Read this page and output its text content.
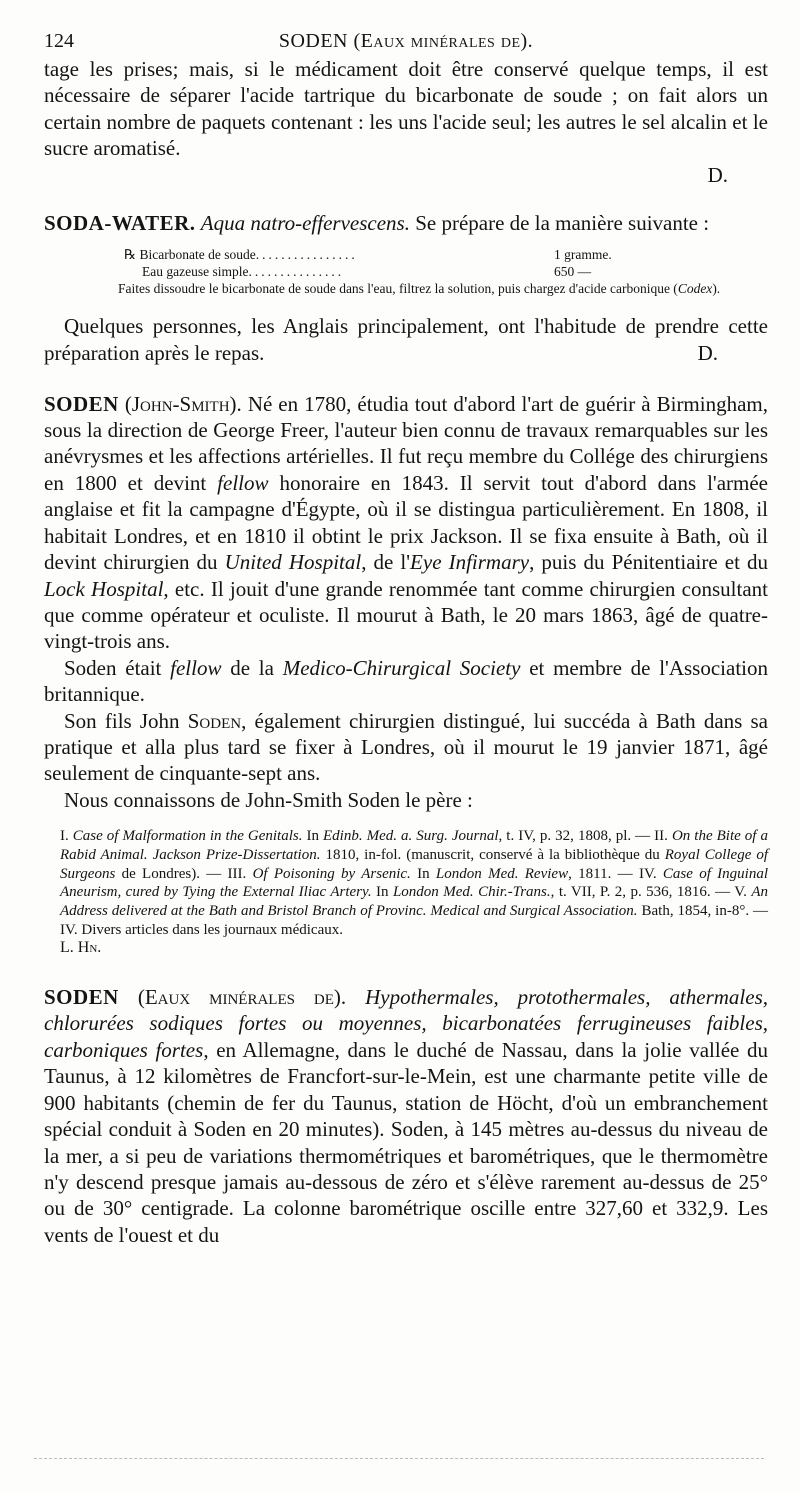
124	SODEN (Eaux minérales de).

tage les prises; mais, si le médicament doit être conservé quelque temps, il est nécessaire de séparer l'acide tartrique du bicarbonate de soude ; on fait alors un certain nombre de paquets contenant : les uns l'acide seul; les autres le sel alcalin et le sucre aromatisé.

D.

SODA-WATER. Aqua natro-effervescens. Se prépare de la manière suivante :

℞ Bicarbonate de soude ................	1 gramme.
Eau gazeuse simple ...............	650 —

Faites dissoudre le bicarbonate de soude dans l'eau, filtrez la solution, puis chargez d'acide carbonique (Codex).

Quelques personnes, les Anglais principalement, ont l'habitude de prendre cette préparation après le repas.	D.

SODEN (John-Smith). Né en 1780, étudia tout d'abord l'art de guérir à Birmingham, sous la direction de George Freer, l'auteur bien connu de travaux remarquables sur les anévrysmes et les affections artérielles. Il fut reçu membre du Collége des chirurgiens en 1800 et devint fellow honoraire en 1843. Il servit tout d'abord dans l'armée anglaise et fit la campagne d'Égypte, où il se distingua particulièrement. En 1808, il habitait Londres, et en 1810 il obtint le prix Jackson. Il se fixa ensuite à Bath, où il devint chirurgien du United Hospital, de l'Eye Infirmary, puis du Pénitentiaire et du Lock Hospital, etc. Il jouit d'une grande renommée tant comme chirurgien consultant que comme opérateur et oculiste. Il mourut à Bath, le 20 mars 1863, âgé de quatre-vingt-trois ans.

Soden était fellow de la Medico-Chirurgical Society et membre de l'Association britannique.

Son fils John Soden, également chirurgien distingué, lui succéda à Bath dans sa pratique et alla plus tard se fixer à Londres, où il mourut le 19 janvier 1871, âgé seulement de cinquante-sept ans.

Nous connaissons de John-Smith Soden le père :

I. Case of Malformation in the Genitals. In Edinb. Med. a. Surg. Journal, t. IV, p. 32, 1808, pl. — II. On the Bite of a Rabid Animal. Jackson Prize-Dissertation. 1810, in-fol. (manuscrit, conservé à la bibliothèque du Royal College of Surgeons de Londres). — III. Of Poisoning by Arsenic. In London Med. Review, 1811. — IV. Case of Inguinal Aneurism, cured by Tying the External Iliac Artery. In London Med. Chir.-Trans., t. VII, P. 2, p. 536, 1816. — V. An Address delivered at the Bath and Bristol Branch of Provinc. Medical and Surgical Association. Bath, 1854, in-8°. — IV. Divers articles dans les journaux médicaux.

L. Hn.

SODEN (Eaux minérales de). Hypothermales, protothermales, athermales, chlorurées sodiques fortes ou moyennes, bicarbonatées ferrugineuses faibles, carboniques fortes, en Allemagne, dans le duché de Nassau, dans la jolie vallée du Taunus, à 12 kilomètres de Francfort-sur-le-Mein, est une charmante petite ville de 900 habitants (chemin de fer du Taunus, station de Höcht, d'où un embranchement spécial conduit à Soden en 20 minutes). Soden, à 145 mètres au-dessus du niveau de la mer, a si peu de variations thermométriques et barométriques, que le thermomètre n'y descend presque jamais au-dessous de zéro et s'élève rarement au-dessus de 25° ou de 30° centigrade. La colonne barométrique oscille entre 327,60 et 332,9. Les vents de l'ouest et du
